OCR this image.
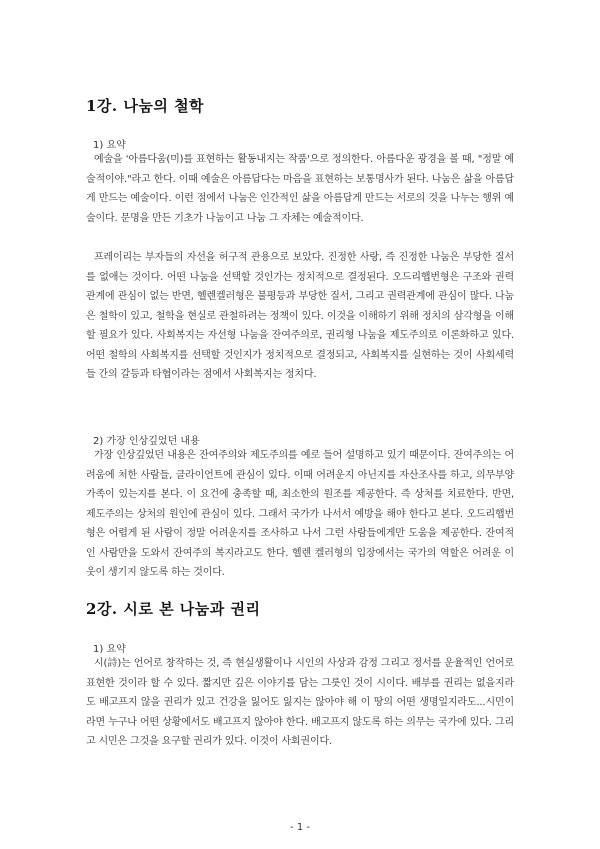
1강. 나눔의 철학

1) 요약

예술을 '아름다움(미)를 표현하는 활동내지는 작품'으로 정의한다. 아름다운 광경을 볼 때, "정말 예술적이야."라고 한다. 이때 예술은 아름답다는 마음을 표현하는 보통명사가 된다. 나눔은 삶을 아름답게 만드는 예술이다. 이런 점에서 나눔은 인간적인 삶을 아름답게 만드는 서로의 것을 나누는 행위 예술이다. 문명을 만든 기초가 나눔이고 나눔 그 자체는 예술적이다.

프레이리는 부자들의 자선을 허구적 관용으로 보았다. 진정한 사랑, 즉 진정한 나눔은 부당한 질서를 없애는 것이다. 어떤 나눔을 선택할 것인가는 정치적으로 결정된다. 오드리햅번형은 구조와 권력관계에 관심이 없는 반면, 헬렌켈러형은 불평등과 부당한 질서, 그리고 권력관계에 관심이 많다. 나눔은 철학이 있고, 철학을 현실로 관철하려는 정책이 있다. 이것을 이해하기 위해 정치의 삼각형을 이해할 필요가 있다. 사회복지는 자선형 나눔을 잔여주의로, 권리형 나눔을 제도주의로 이론화하고 있다. 어떤 철학의 사회복지를 선택할 것인지가 정치적으로 결정되고, 사회복지를 실현하는 것이 사회세력들 간의 갈등과 타협이라는 점에서 사회복지는 정치다.

2) 가장 인상깊었던 내용

가장 인상깊었던 내용은 잔여주의와 제도주의를 예로 들어 설명하고 있기 때문이다. 잔여주의는 어려움에 처한 사람들, 클라이언트에 관심이 있다. 이때 어려운지 아닌지를 자산조사를 하고, 의무부양가족이 있는지를 본다. 이 요건에 충족할 때, 최소한의 원조를 제공한다. 즉 상처를 치료한다. 반면, 제도주의는 상처의 원인에 관심이 있다. 그래서 국가가 나서서 예방을 해야 한다고 본다. 오드리햅번형은 어렵게 된 사람이 정말 어려운지를 조사하고 나서 그런 사람들에게만 도움을 제공한다. 잔여적인 사람만을 도와서 잔여주의 복지라고도 한다. 헬렌 켈러형의 입장에서는 국가의 역할은 어려운 이웃이 생기지 않도록 하는 것이다.

2강. 시로 본 나눔과 권리

1) 요약

시(詩)는 언어로 창작하는 것, 즉 현실생활이나 시인의 사상과 감정 그리고 정서를 운율적인 언어로 표현한 것이라 할 수 있다. 짧지만 깊은 이야기를 담는 그릇인 것이 시이다. 배부를 권리는 없을지라도 배고프지 않을 권리가 있고 건강을 잃어도 잃지는 않아야 해 이 땅의 어떤 생명일지라도...시민이라면 누구나 어떤 상황에서도 배고프지 않아야 한다. 배고프지 않도록 하는 의무는 국가에 있다. 그리고 시민은 그것을 요구할 권리가 있다. 이것이 사회권이다.

- 1 -
